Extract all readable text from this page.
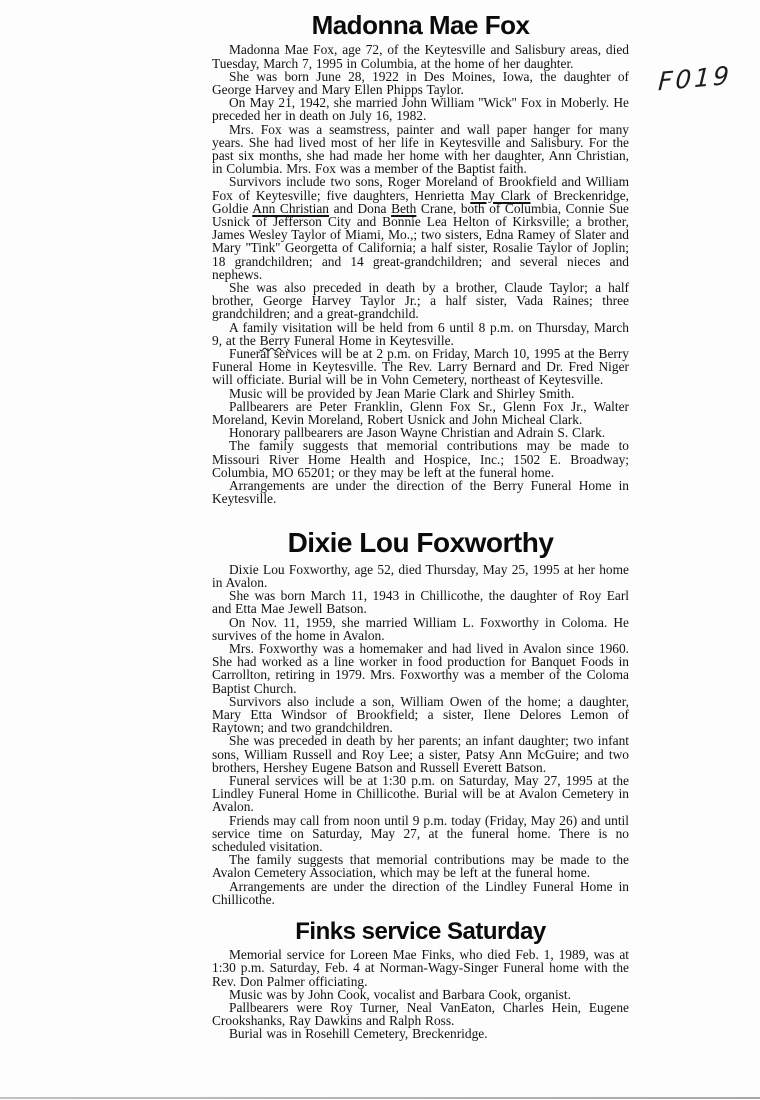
F019
Madonna Mae Fox

Madonna Mae Fox, age 72, of the Keytesville and Salisbury areas, died Tuesday, March 7, 1995 in Columbia, at the home of her daughter.

She was born June 28, 1922 in Des Moines, Iowa, the daughter of George Harvey and Mary Ellen Phipps Taylor.

On May 21, 1942, she married John William ''Wick'' Fox in Moberly. He preceded her in death on July 16, 1982.

Mrs. Fox was a seamstress, painter and wall paper hanger for many years. She had lived most of her life in Keytesville and Salisbury. For the past six months, she had made her home with her daughter, Ann Christian, in Columbia. Mrs. Fox was a member of the Baptist faith.

Survivors include two sons, Roger Moreland of Brookfield and William Fox of Keytesville; five daughters, Henrietta May Clark of Breckenridge, Goldie Ann Christian and Dona Beth Crane, both of Columbia, Connie Sue Usnick of Jefferson City and Bonnie Lea Helton of Kirksville; a brother, James Wesley Taylor of Miami, Mo.,; two sisters, Edna Ramey of Slater and Mary ''Tink'' Georgetta of California; a half sister, Rosalie Taylor of Joplin; 18 grandchildren; and 14 great-grandchildren; and several nieces and nephews.

She was also preceded in death by a brother, Claude Taylor; a half brother, George Harvey Taylor Jr.; a half sister, Vada Raines; three grandchildren; and a great-grandchild.

A family visitation will be held from 6 until 8 p.m. on Thursday, March 9, at the Berry Funeral Home in Keytesville.

Funeral services will be at 2 p.m. on Friday, March 10, 1995 at the Berry Funeral Home in Keytesville. The Rev. Larry Bernard and Dr. Fred Niger will officiate. Burial will be in Vohn Cemetery, northeast of Keytesville.

Music will be provided by Jean Marie Clark and Shirley Smith.

Pallbearers are Peter Franklin, Glenn Fox Sr., Glenn Fox Jr., Walter Moreland, Kevin Moreland, Robert Usnick and John Micheal Clark.

Honorary pallbearers are Jason Wayne Christian and Adrain S. Clark.

The family suggests that memorial contributions may be made to Missouri River Home Health and Hospice, Inc.; 1502 E. Broadway; Columbia, MO 65201; or they may be left at the funeral home.

Arrangements are under the direction of the Berry Funeral Home in Keytesville.

Dixie Lou Foxworthy

Dixie Lou Foxworthy, age 52, died Thursday, May 25, 1995 at her home in Avalon.

She was born March 11, 1943 in Chillicothe, the daughter of Roy Earl and Etta Mae Jewell Batson.

On Nov. 11, 1959, she married William L. Foxworthy in Coloma. He survives of the home in Avalon.

Mrs. Foxworthy was a homemaker and had lived in Avalon since 1960. She had worked as a line worker in food production for Banquet Foods in Carrollton, retiring in 1979. Mrs. Foxworthy was a member of the Coloma Baptist Church.

Survivors also include a son, William Owen of the home; a daughter, Mary Etta Windsor of Brookfield; a sister, Ilene Delores Lemon of Raytown; and two grandchildren.

She was preceded in death by her parents; an infant daughter; two infant sons, William Russell and Roy Lee; a sister, Patsy Ann McGuire; and two brothers, Hershey Eugene Batson and Russell Everett Batson.

Funeral services will be at 1:30 p.m. on Saturday, May 27, 1995 at the Lindley Funeral Home in Chillicothe. Burial will be at Avalon Cemetery in Avalon.

Friends may call from noon until 9 p.m. today (Friday, May 26) and until service time on Saturday, May 27, at the funeral home. There is no scheduled visitation.

The family suggests that memorial contributions may be made to the Avalon Cemetery Association, which may be left at the funeral home.

Arrangements are under the direction of the Lindley Funeral Home in Chillicothe.

Finks service Saturday

Memorial service for Loreen Mae Finks, who died Feb. 1, 1989, was at 1:30 p.m. Saturday, Feb. 4 at Norman-Wagy-Singer Funeral home with the Rev. Don Palmer officiating.

Music was by John Cook, vocalist and Barbara Cook, organist.

Pallbearers were Roy Turner, Neal VanEaton, Charles Hein, Eugene Crookshanks, Ray Dawkins and Ralph Ross.

Burial was in Rosehill Cemetery, Breckenridge.
